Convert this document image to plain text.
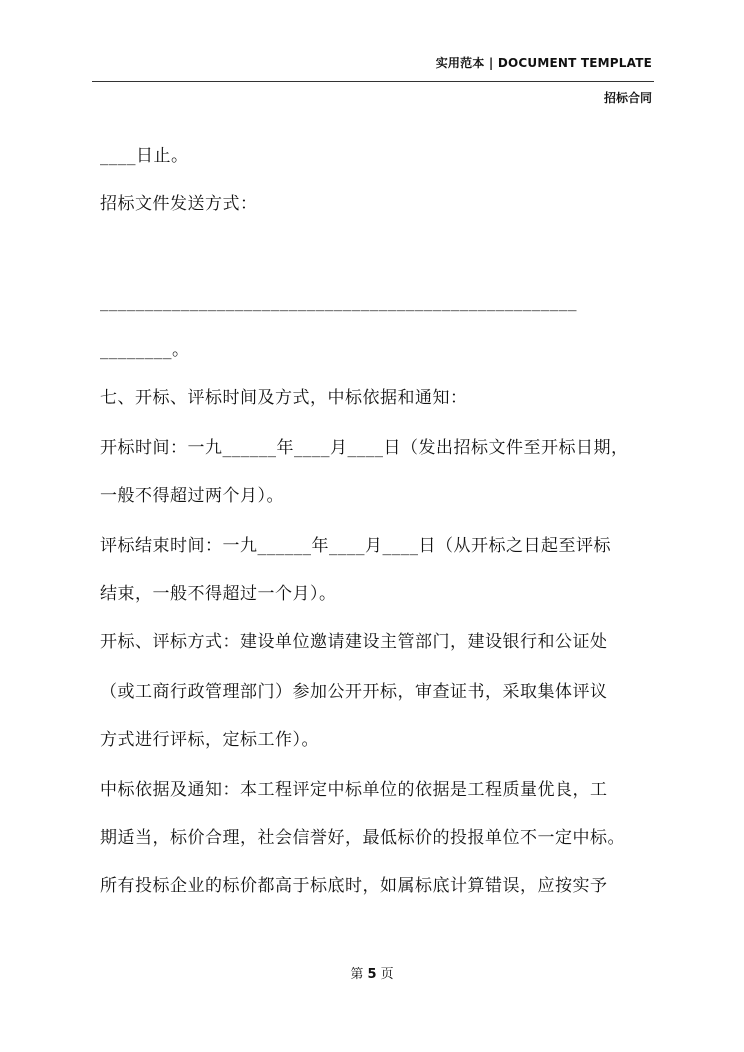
实用范本 | DOCUMENT TEMPLATE
招标合同
____日止。
招标文件发送方式：
_____________________________________________________
________。
七、开标、评标时间及方式，中标依据和通知：
开标时间：一九______年____月____日（发出招标文件至开标日期，
一般不得超过两个月）。
评标结束时间：一九______年____月____日（从开标之日起至评标
结束，一般不得超过一个月）。
开标、评标方式：建设单位邀请建设主管部门，建设银行和公证处
（或工商行政管理部门）参加公开开标，审查证书，采取集体评议
方式进行评标，定标工作）。
中标依据及通知：本工程评定中标单位的依据是工程质量优良，工
期适当，标价合理，社会信誉好，最低标价的投报单位不一定中标。
所有投标企业的标价都高于标底时，如属标底计算错误，应按实予
第 5 页
